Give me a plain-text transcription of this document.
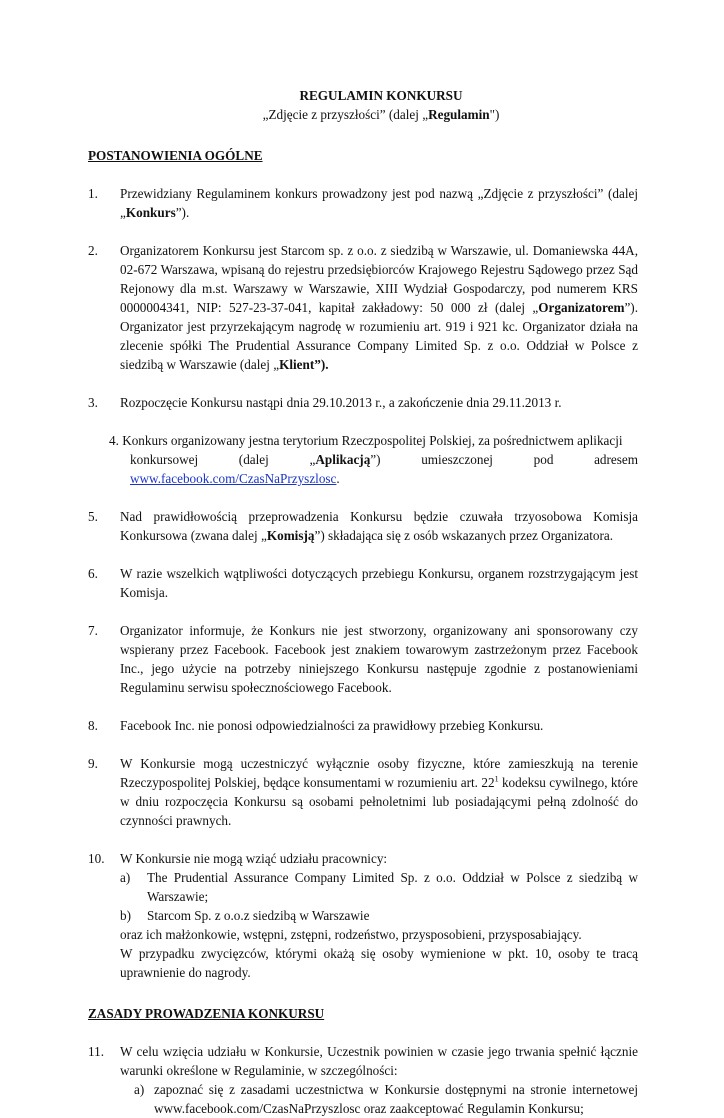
REGULAMIN KONKURSU
„Zdjęcie z przyszłości” (dalej „Regulamin")
POSTANOWIENIA OGÓLNE
1.	Przewidziany Regulaminem konkurs prowadzony jest pod nazwą „Zdjęcie z przyszłości” (dalej „Konkurs”).
2.	Organizatorem Konkursu jest Starcom sp. z o.o. z siedzibą w Warszawie, ul. Domaniewska 44A, 02-672 Warszawa, wpisaną do rejestru przedsiębiorców Krajowego Rejestru Sądowego przez Sąd Rejonowy dla m.st. Warszawy w Warszawie, XIII Wydział Gospodarczy, pod numerem KRS 0000004341, NIP: 527-23-37-041, kapitał zakładowy: 50 000 zł (dalej „Organizatorem”). Organizator jest przyrzekającym nagrodę w rozumieniu art. 919 i 921 kc. Organizator działa na zlecenie spółki The Prudential Assurance Company Limited Sp. z o.o. Oddział w Polsce z siedzibą w Warszawie (dalej „Klient”).
3.	Rozpoczęcie Konkursu nastąpi dnia 29.10.2013 r., a zakończenie dnia 29.11.2013 r.
4. Konkurs organizowany jestna terytorium Rzeczpospolitej Polskiej, za pośrednictwem aplikacji
konkursowej	(dalej	„Aplikacją”)	umieszczonej	pod	adresem
www.facebook.com/CzasNaPrzyszlosc.
5.	Nad prawidłowością przeprowadzenia Konkursu będzie czuwała trzyosobowa Komisja Konkursowa (zwana dalej „Komisją”) składająca się z osób wskazanych przez Organizatora.
6.	W razie wszelkich wątpliwości dotyczących przebiegu Konkursu, organem rozstrzygającym jest Komisja.
7.	Organizator informuje, że Konkurs nie jest stworzony, organizowany ani sponsorowany czy wspierany przez Facebook. Facebook jest znakiem towarowym zastrzeżonym przez Facebook Inc., jego użycie na potrzeby niniejszego Konkursu następuje zgodnie z postanowieniami Regulaminu serwisu społecznościowego Facebook.
8.	Facebook Inc. nie ponosi odpowiedzialności za prawidłowy przebieg Konkursu.
9.	W Konkursie mogą uczestniczyć wyłącznie osoby fizyczne, które zamieszkują na terenie Rzeczypospolitej Polskiej, będące konsumentami w rozumieniu art. $22^1$ kodeksu cywilnego, które w dniu rozpoczęcia Konkursu są osobami pełnoletnimi lub posiadającymi pełną zdolność do czynności prawnych.
10.	W Konkursie nie mogą wziąć udziału pracownicy:
a)	The Prudential Assurance Company Limited Sp. z o.o. Oddział w Polsce z siedzibą w Warszawie;
b)	Starcom Sp. z o.o.z siedzibą w Warszawie
oraz ich małżonkowie, wstępni, zstępni, rodzeństwo, przysposobieni, przysposabiający.
W przypadku zwycięzców, którymi okażą się osoby wymienione w pkt. 10, osoby te tracą uprawnienie do nagrody.
ZASADY PROWADZENIA KONKURSU
11.	W celu wzięcia udziału w Konkursie, Uczestnik powinien w czasie jego trwania spełnić łącznie warunki określone w Regulaminie, w szczególności:
a) zapoznać się z zasadami uczestnictwa w Konkursie dostępnymi na stronie internetowej www.facebook.com/CzasNaPrzyszlosc oraz zaakceptować Regulamin Konkursu;
